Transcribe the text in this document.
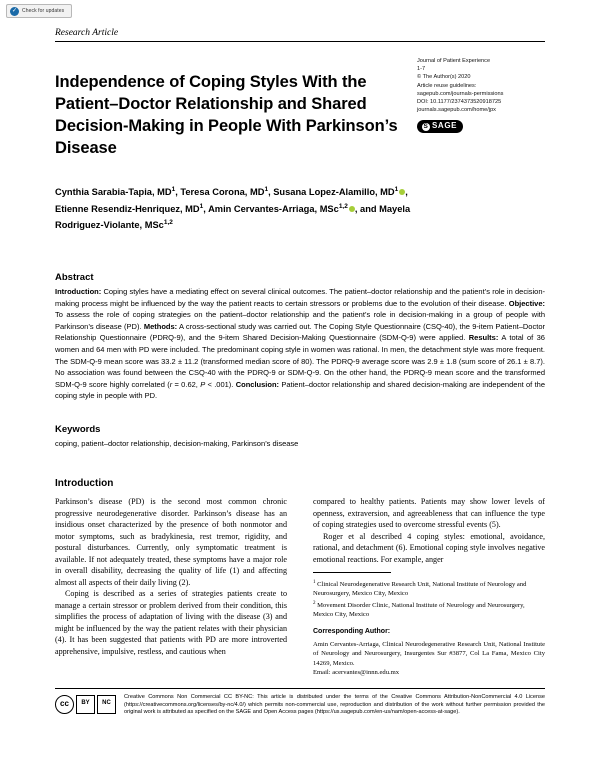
✓ Check for updates
Research Article
Independence of Coping Styles With the Patient–Doctor Relationship and Shared Decision-Making in People With Parkinson’s Disease
Journal of Patient Experience
1-7
© The Author(s) 2020
Article reuse guidelines:
sagepub.com/journals-permissions
DOI: 10.1177/2374373520918725
journals.sagepub.com/home/jpx
S SAGE
Cynthia Sarabia-Tapia, $MD^1$, Teresa Corona, $MD^1$, Susana Lopez-Alamillo, $MD^1$ , Etienne Resendiz-Henriquez, $MD^1$, Amin Cervantes-Arriaga, MSc$^{1,2}$ , and Mayela Rodriguez-Violante, MSc$^{1,2}$
Abstract
Introduction: Coping styles have a mediating effect on several clinical outcomes. The patient–doctor relationship and the patient’s role in decision-making process might be influenced by the way the patient reacts to certain stressors or problems due to the evolution of their disease. Objective: To assess the role of coping strategies on the patient–doctor relationship and the patient’s role in decision-making in a group of people with Parkinson’s disease (PD). Methods: A cross-sectional study was carried out. The Coping Style Questionnaire (CSQ-40), the 9-item Patient–Doctor Relationship Questionnaire (PDRQ-9), and the 9-item Shared Decision-Making Questionnaire (SDM-Q-9) were applied. Results: A total of 36 women and 64 men with PD were included. The predominant coping style in women was rational. In men, the detachment style was more frequent. The SDM-Q-9 mean score was 33.2 ± 11.2 (transformed median score of 80). The PDRQ-9 average score was 2.9 ± 1.8 (sum score of 26.1 ± 8.7). No association was found between the CSQ-40 with the PDRQ-9 or SDM-Q-9. On the other hand, the PDRQ-9 mean score and the transformed SDM-Q-9 score highly correlated (r = 0.62, P < .001). Conclusion: Patient–doctor relationship and shared decision-making are independent of the coping style in people with PD.
Keywords
coping, patient–doctor relationship, decision-making, Parkinson’s disease
Introduction

Parkinson’s disease (PD) is the second most common chronic progressive neurodegenerative disorder. Parkinson’s disease has an insidious onset characterized by the presence of both nonmotor and motor symptoms, such as bradykinesia, rest tremor, rigidity, and postural disturbances. Currently, only symptomatic treatment is available. If not adequately treated, these symptoms have a major role in overall disability, decreasing the quality of life (1) and affecting almost all aspects of their daily living (2).

Coping is described as a series of strategies patients create to manage a certain stressor or problem derived from their condition, this simplifies the process of adaptation of living with the disease (3) and might be influenced by the way the patient relates with their physician (4). It has been suggested that patients with PD are more introverted apprehensive, impulsive, restless, and cautious when

compared to healthy patients. Patients may show lower levels of openness, extraversion, and agreeableness that can influence the type of coping strategies used to overcome stressful events (5).

Roger et al described 4 coping styles: emotional, avoidance, rational, and detachment (6). Emotional coping style involves negative emotional reactions. For example, anger

$^1$ Clinical Neurodegenerative Research Unit, National Institute of Neurology and Neurosurgery, Mexico City, Mexico
$^2$ Movement Disorder Clinic, National Institute of Neurology and Neurosurgery, Mexico City, Mexico
Corresponding Author:
Amin Cervantes-Arriaga, Clinical Neurodegenerative Research Unit, National Institute of Neurology and Neurosurgery, Insurgentes Sur #3877, Col La Fama, Mexico City 14269, Mexico.
Email: acervantes@innn.edu.mx
cc	BY	NC
Creative Commons Non Commercial CC BY-NC: This article is distributed under the terms of the Creative Commons Attribution-NonCommercial 4.0 License (https://creativecommons.org/licenses/by-nc/4.0/) which permits non-commercial use, reproduction and distribution of the work without further permission provided the original work is attributed as specified on the SAGE and Open Access pages (https://us.sagepub.com/en-us/nam/open-access-at-sage).
